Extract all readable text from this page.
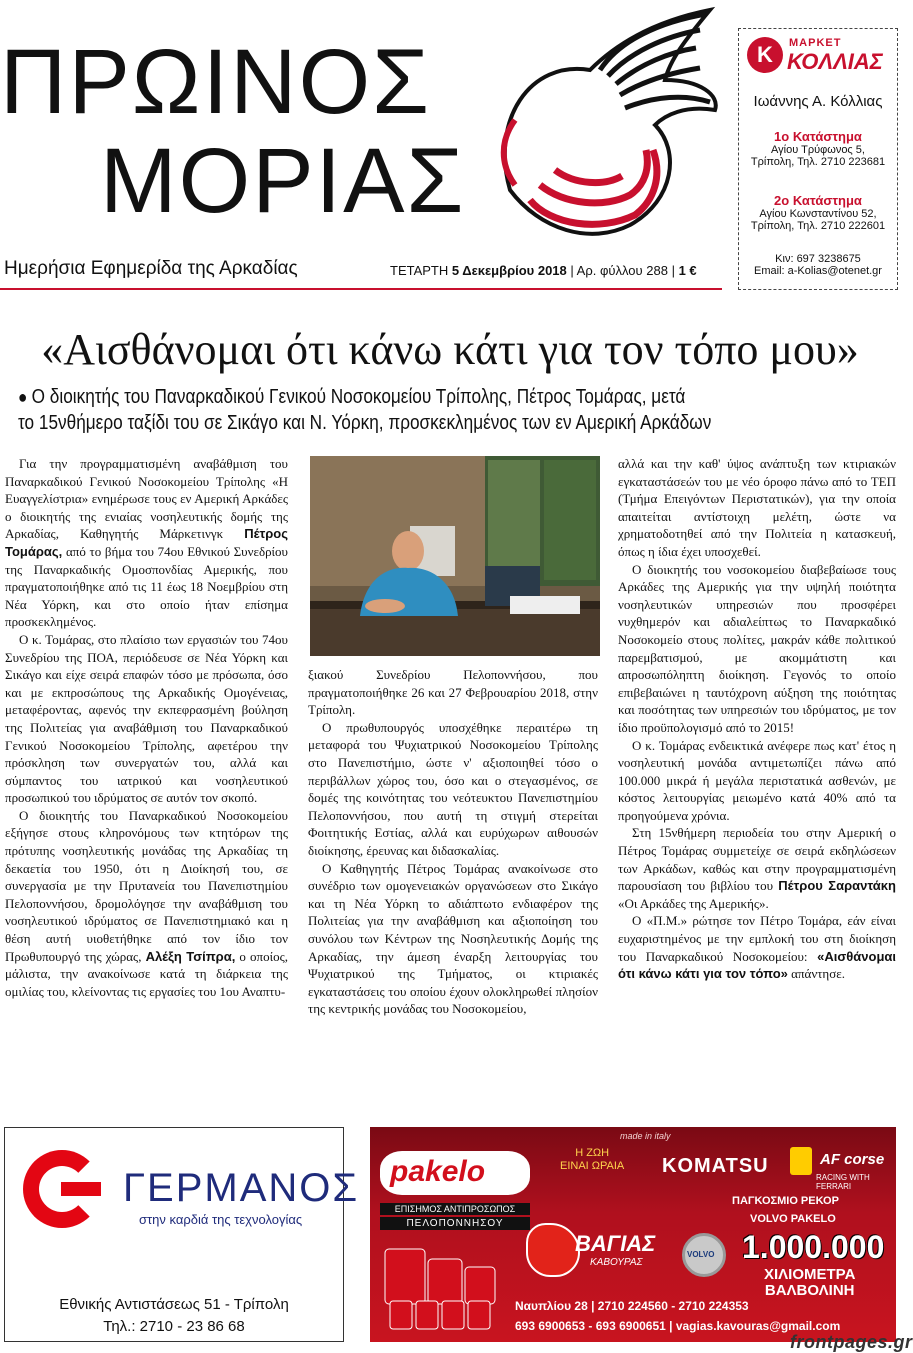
ΠΡΩΙΝΟΣ
ΜΟΡΙΑΣ
Ημερήσια Εφημερίδα της Αρκαδίας	ΤΕΤΑΡΤΗ 5 Δεκεμβρίου 2018 | Αρ. φύλλου 288 | 1 €
Κ	ΜΑΡΚΕΤ
ΚΟΛΛΙΑΣ
Ιωάννης Α. Κόλλιας
1ο Κατάστημα
Αγίου Τρύφωνος 5,
Τρίπολη, Τηλ. 2710 223681
2ο Κατάστημα
Αγίου Κωνσταντίνου 52,
Τρίπολη, Τηλ. 2710 222601
Κιν: 697 3238675
Email: a-Kolias@otenet.gr
«Αισθάνομαι ότι κάνω κάτι για τον τόπο μου»
● Ο διοικητής του Παναρκαδικού Γενικού Νοσοκομείου Τρίπολης, Πέτρος Τομάρας, μετά
το 15νθήμερο ταξίδι του σε Σικάγο και Ν. Υόρκη, προσκεκλημένος των εν Αμερική Αρκάδων

Για την προγραμματισμένη αναβάθμιση του Παναρκαδικού Γενικού Νοσοκομείου Τρίπολης «Η Ευαγγελίστρια» ενημέρωσε τους εν Αμερική Αρκάδες ο διοικητής της ενιαίας νοσηλευτικής δομής της Αρκαδίας, Καθηγητής Μάρκετινγκ Πέτρος Τομάρας, από το βήμα του 74ου Εθνικού Συνεδρίου της Παναρκαδικής Ομοσπονδίας Αμερικής, που πραγματοποιήθηκε από τις 11 έως 18 Νοεμβρίου στη Νέα Υόρκη, και στο οποίο ήταν επίσημα προσκεκλημένος.

Ο κ. Τομάρας, στο πλαίσιο των εργασιών του 74ου Συνεδρίου της ΠΟΑ, περιόδευσε σε Νέα Υόρκη και Σικάγο και είχε σειρά επαφών τόσο με πρόσωπα, όσο και με εκπροσώπους της Αρκαδικής Ομογένειας, μεταφέροντας, αφενός την εκπεφρασμένη βούληση της Πολιτείας για αναβάθμιση του Παναρκαδικού Γενικού Νοσοκομείου Τρίπολης, αφετέρου την πρόσκληση των συνεργατών του, αλλά και σύμπαντος του ιατρικού και νοσηλευτικού προσωπικού του ιδρύματος σε αυτόν τον σκοπό.

Ο διοικητής του Παναρκαδικού Νοσοκομείου εξήγησε στους κληρονόμους των κτητόρων της πρότυπης νοσηλευτικής μονάδας της Αρκαδίας τη δεκαετία του 1950, ότι η Διοίκησή του, σε συνεργασία με την Πρυτανεία του Πανεπιστημίου Πελοποννήσου, δρομολόγησε την αναβάθμιση του νοσηλευτικού ιδρύματος σε Πανεπιστημιακό και η θέση αυτή υιοθετήθηκε από τον ίδιο τον Πρωθυπουργό της χώρας, Αλέξη Τσίπρα, ο οποίος, μάλιστα, την ανακοίνωσε κατά τη διάρκεια της ομιλίας του, κλείνοντας τις εργασίες του 1ου Αναπτυ-

ξιακού Συνεδρίου Πελοποννήσου, που πραγματοποιήθηκε 26 και 27 Φεβρουαρίου 2018, στην Τρίπολη.

Ο πρωθυπουργός υποσχέθηκε περαιτέρω τη μεταφορά του Ψυχιατρικού Νοσοκομείου Τρίπολης στο Πανεπιστήμιο, ώστε ν' αξιοποιηθεί τόσο ο περιβάλλων χώρος του, όσο και ο στεγασμένος, σε δομές της κοινότητας του νεότευκτου Πανεπιστημίου Πελοποννήσου, που αυτή τη στιγμή στερείται Φοιτητικής Εστίας, αλλά και ευρύχωρων αιθουσών διοίκησης, έρευνας και διδασκαλίας.

Ο Καθηγητής Πέτρος Τομάρας ανακοίνωσε στο συνέδριο των ομογενειακών οργανώσεων στο Σικάγο και τη Νέα Υόρκη το αδιάπτωτο ενδιαφέρον της Πολιτείας για την αναβάθμιση και αξιοποίηση του συνόλου των Κέντρων της Νοσηλευτικής Δομής της Αρκαδίας, την άμεση έναρξη λειτουργίας του Ψυχιατρικού της Τμήματος, οι κτιριακές εγκαταστάσεις του οποίου έχουν ολοκληρωθεί πλησίον της κεντρικής μονάδας του Νοσοκομείου,

αλλά και την καθ' ύψος ανάπτυξη των κτιριακών εγκαταστάσεών του με νέο όροφο πάνω από το ΤΕΠ (Τμήμα Επειγόντων Περιστατικών), για την οποία απαιτείται αντίστοιχη μελέτη, ώστε να χρηματοδοτηθεί από την Πολιτεία η κατασκευή, όπως η ίδια έχει υποσχεθεί.

Ο διοικητής του νοσοκομείου διαβεβαίωσε τους Αρκάδες της Αμερικής για την υψηλή ποιότητα νοσηλευτικών υπηρεσιών που προσφέρει νυχθημερόν και αδιαλείπτως το Παναρκαδικό Νοσοκομείο στους πολίτες, μακράν κάθε πολιτικού παρεμβατισμού, με ακομμάτιστη και απροσωπόληπτη διοίκηση. Γεγονός το οποίο επιβεβαιώνει η ταυτόχρονη αύξηση της ποιότητας και ποσότητας των υπηρεσιών του ιδρύματος, με τον ίδιο προϋπολογισμό από το 2015!

Ο κ. Τομάρας ενδεικτικά ανέφερε πως κατ' έτος η νοσηλευτική μονάδα αντιμετωπίζει πάνω από 100.000 μικρά ή μεγάλα περιστατικά ασθενών, με κόστος λειτουργίας μειωμένο κατά 40% από τα προηγούμενα χρόνια.

Στη 15νθήμερη περιοδεία του στην Αμερική ο Πέτρος Τομάρας συμμετείχε σε σειρά εκδηλώσεων των Αρκάδων, καθώς και στην προγραμματισμένη παρουσίαση του βιβλίου του Πέτρου Σαραντάκη «Οι Αρκάδες της Αμερικής».

Ο «Π.Μ.» ρώτησε τον Πέτρο Τομάρα, εάν είναι ευχαριστημένος με την εμπλοκή του στη διοίκηση του Παναρκαδικού Νοσοκομείου: «Αισθάνομαι ότι κάνω κάτι για τον τόπο» απάντησε.

ΓΕΡΜΑΝΟΣ
στην καρδιά της τεχνολογίας
Εθνικής Αντιστάσεως 51 - Τρίπολη
Τηλ.: 2710 - 23 86 68
made in italy
Η ΖΩΗ
ΕΙΝΑΙ ΩΡΑΙΑ KOMATSU	AF corse
RACING WITH FERRARI
pakelo
ΕΠΙΣΗΜΟΣ ΑΝΤΙΠΡΟΣΩΠΟΣ
ΠΕΛΟΠΟΝΝΗΣΟΥ
ΠΑΓΚΟΣΜΙΟ ΡΕΚΟΡ
VOLVO PAKELO
1.000.000
ΧΙΛΙΟΜΕΤΡΑ
ΒΑΛΒΟΛΙΝΗ
ΒΑΓΙΑΣ
ΚΑΒΟΥΡΑΣ
VOLVO
Ναυπλίου 28 | 2710 224560 - 2710 224353
693 6900653 - 693 6900651 | vagias.kavouras@gmail.com
frontpages.gr
